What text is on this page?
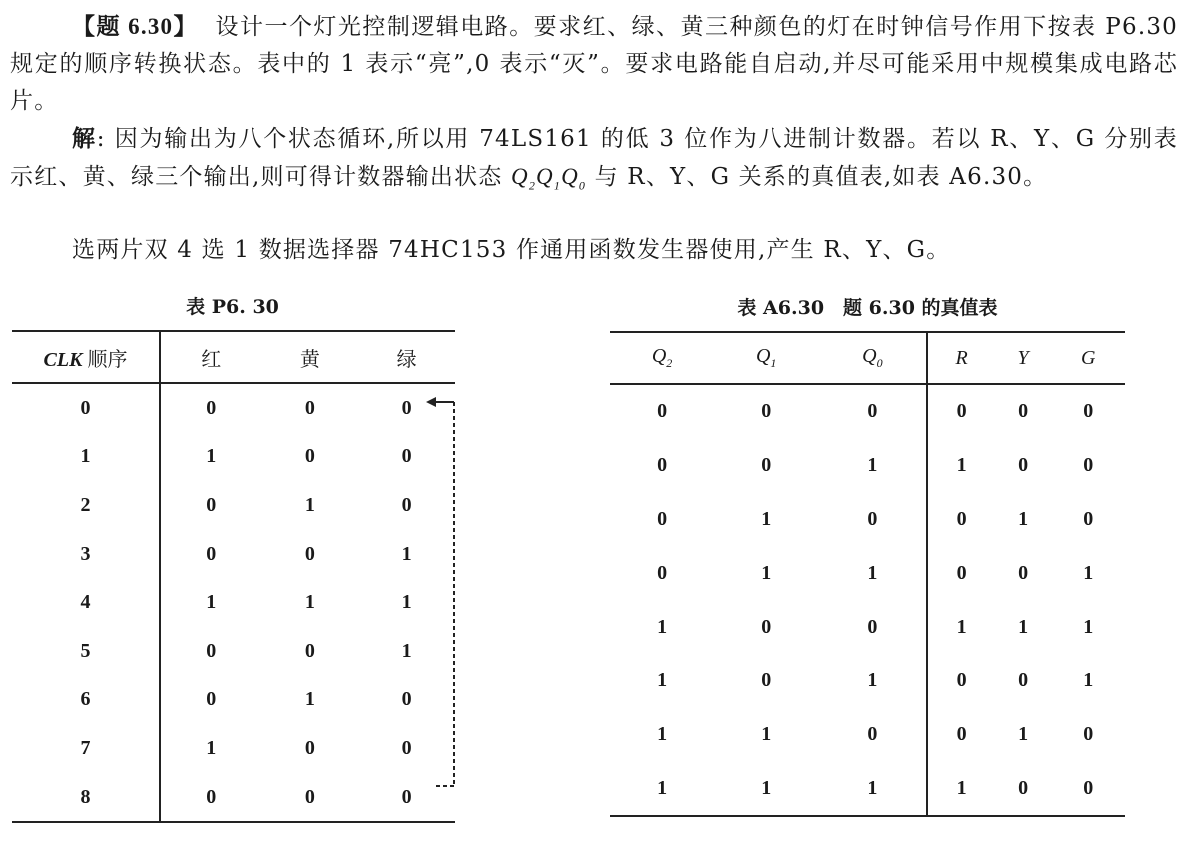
【题 6.30】 设计一个灯光控制逻辑电路。要求红、绿、黄三种颜色的灯在时钟信号作用下按表 P6.30 规定的顺序转换状态。表中的 1 表示“亮”,0 表示“灭”。要求电路能自启动,并尽可能采用中规模集成电路芯片。
解: 因为输出为八个状态循环,所以用 74LS161 的低 3 位作为八进制计数器。若以 R、Y、G 分别表示红、黄、绿三个输出,则可得计数器输出状态 $Q_2Q_1Q_0$ 与 R、Y、G 关系的真值表,如表 A6.30。
选两片双 4 选 1 数据选择器 74HC153 作通用函数发生器使用,产生 R、Y、G。
表 P6. 30
CLK 顺序	红	黄	绿
0	0	0	0
1	1	0	0
2	0	1	0
3	0	0	1
4	1	1	1
5	0	0	1
6	0	1	0
7	1	0	0
8	0	0	0
表 A6.30　题 6.30 的真值表
$Q_2$	$Q_1$	$Q_0$	R	Y	G
0	0	0	0	0	0
0	0	1	1	0	0
0	1	0	0	1	0
0	1	1	0	0	1
1	0	0	1	1	1
1	0	1	0	0	1
1	1	0	0	1	0
1	1	1	1	0	0
